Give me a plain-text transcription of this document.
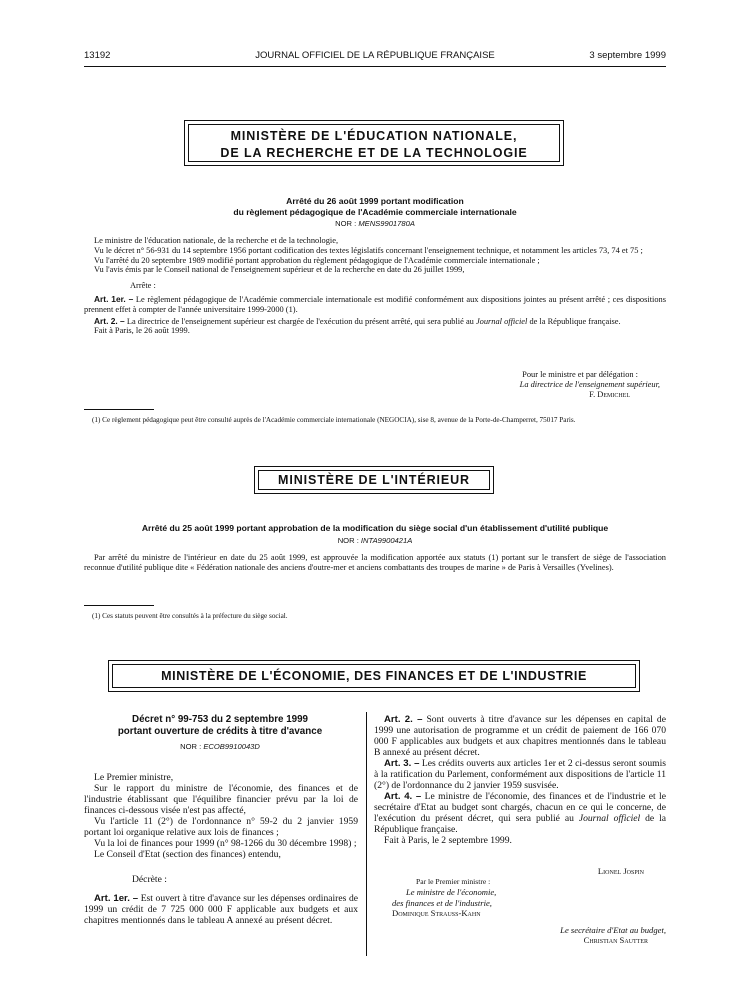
13192	JOURNAL OFFICIEL DE LA RÉPUBLIQUE FRANÇAISE	3 septembre 1999
MINISTÈRE DE L'ÉDUCATION NATIONALE,
DE LA RECHERCHE ET DE LA TECHNOLOGIE
Arrêté du 26 août 1999 portant modification
du règlement pédagogique de l'Académie commerciale internationale
NOR : MENS9901780A

Le ministre de l'éducation nationale, de la recherche et de la technologie,

Vu le décret n° 56-931 du 14 septembre 1956 portant codification des textes législatifs concernant l'enseignement technique, et notamment les articles 73, 74 et 75 ;

Vu l'arrêté du 20 septembre 1989 modifié portant approbation du règlement pédagogique de l'Académie commerciale internationale ;

Vu l'avis émis par le Conseil national de l'enseignement supérieur et de la recherche en date du 26 juillet 1999,

Arrête :

Art. 1er. – Le règlement pédagogique de l'Académie commerciale internationale est modifié conformément aux dispositions jointes au présent arrêté ; ces dispositions prennent effet à compter de l'année universitaire 1999-2000 (1).

Art. 2. – La directrice de l'enseignement supérieur est chargée de l'exécution du présent arrêté, qui sera publié au Journal officiel de la République française.

Fait à Paris, le 26 août 1999.

Pour le ministre et par délégation :
La directrice de l'enseignement supérieur,
F. Demichel
(1) Ce règlement pédagogique peut être consulté auprès de l'Académie commerciale internationale (NEGOCIA), sise 8, avenue de la Porte-de-Champerret, 75017 Paris.
MINISTÈRE DE L'INTÉRIEUR
Arrêté du 25 août 1999 portant approbation de la modification du siège social d'un établissement d'utilité publique
NOR : INTA9900421A

Par arrêté du ministre de l'intérieur en date du 25 août 1999, est approuvée la modification apportée aux statuts (1) portant sur le transfert de siège de l'association reconnue d'utilité publique dite « Fédération nationale des anciens d'outre-mer et anciens combattants des troupes de marine » de Paris à Versailles (Yvelines).

(1) Ces statuts peuvent être consultés à la préfecture du siège social.
MINISTÈRE DE L'ÉCONOMIE, DES FINANCES ET DE L'INDUSTRIE
Décret n° 99-753 du 2 septembre 1999
portant ouverture de crédits à titre d'avance
NOR : ECOB9910043D

Le Premier ministre,

Sur le rapport du ministre de l'économie, des finances et de l'industrie établissant que l'équilibre financier prévu par la loi de finances ci-dessous visée n'est pas affecté,

Vu l'article 11 (2°) de l'ordonnance n° 59-2 du 2 janvier 1959 portant loi organique relative aux lois de finances ;

Vu la loi de finances pour 1999 (n° 98-1266 du 30 décembre 1998) ;

Le Conseil d'Etat (section des finances) entendu,

Décrète :

Art. 1er. – Est ouvert à titre d'avance sur les dépenses ordinaires de 1999 un crédit de 7 725 000 000 F applicable aux budgets et aux chapitres mentionnés dans le tableau A annexé au présent décret.

Art. 2. – Sont ouverts à titre d'avance sur les dépenses en capital de 1999 une autorisation de programme et un crédit de paiement de 166 070 000 F applicables aux budgets et aux chapitres mentionnés dans le tableau B annexé au présent décret.

Art. 3. – Les crédits ouverts aux articles 1er et 2 ci-dessus seront soumis à la ratification du Parlement, conformément aux dispositions de l'article 11 (2°) de l'ordonnance du 2 janvier 1959 susvisée.

Art. 4. – Le ministre de l'économie, des finances et de l'industrie et le secrétaire d'Etat au budget sont chargés, chacun en ce qui le concerne, de l'exécution du présent décret, qui sera publié au Journal officiel de la République française.

Fait à Paris, le 2 septembre 1999.

Lionel Jospin
Par le Premier ministre :
Le ministre de l'économie,
des finances et de l'industrie,
Dominique Strauss-Kahn
Le secrétaire d'Etat au budget,
Christian Sautter
